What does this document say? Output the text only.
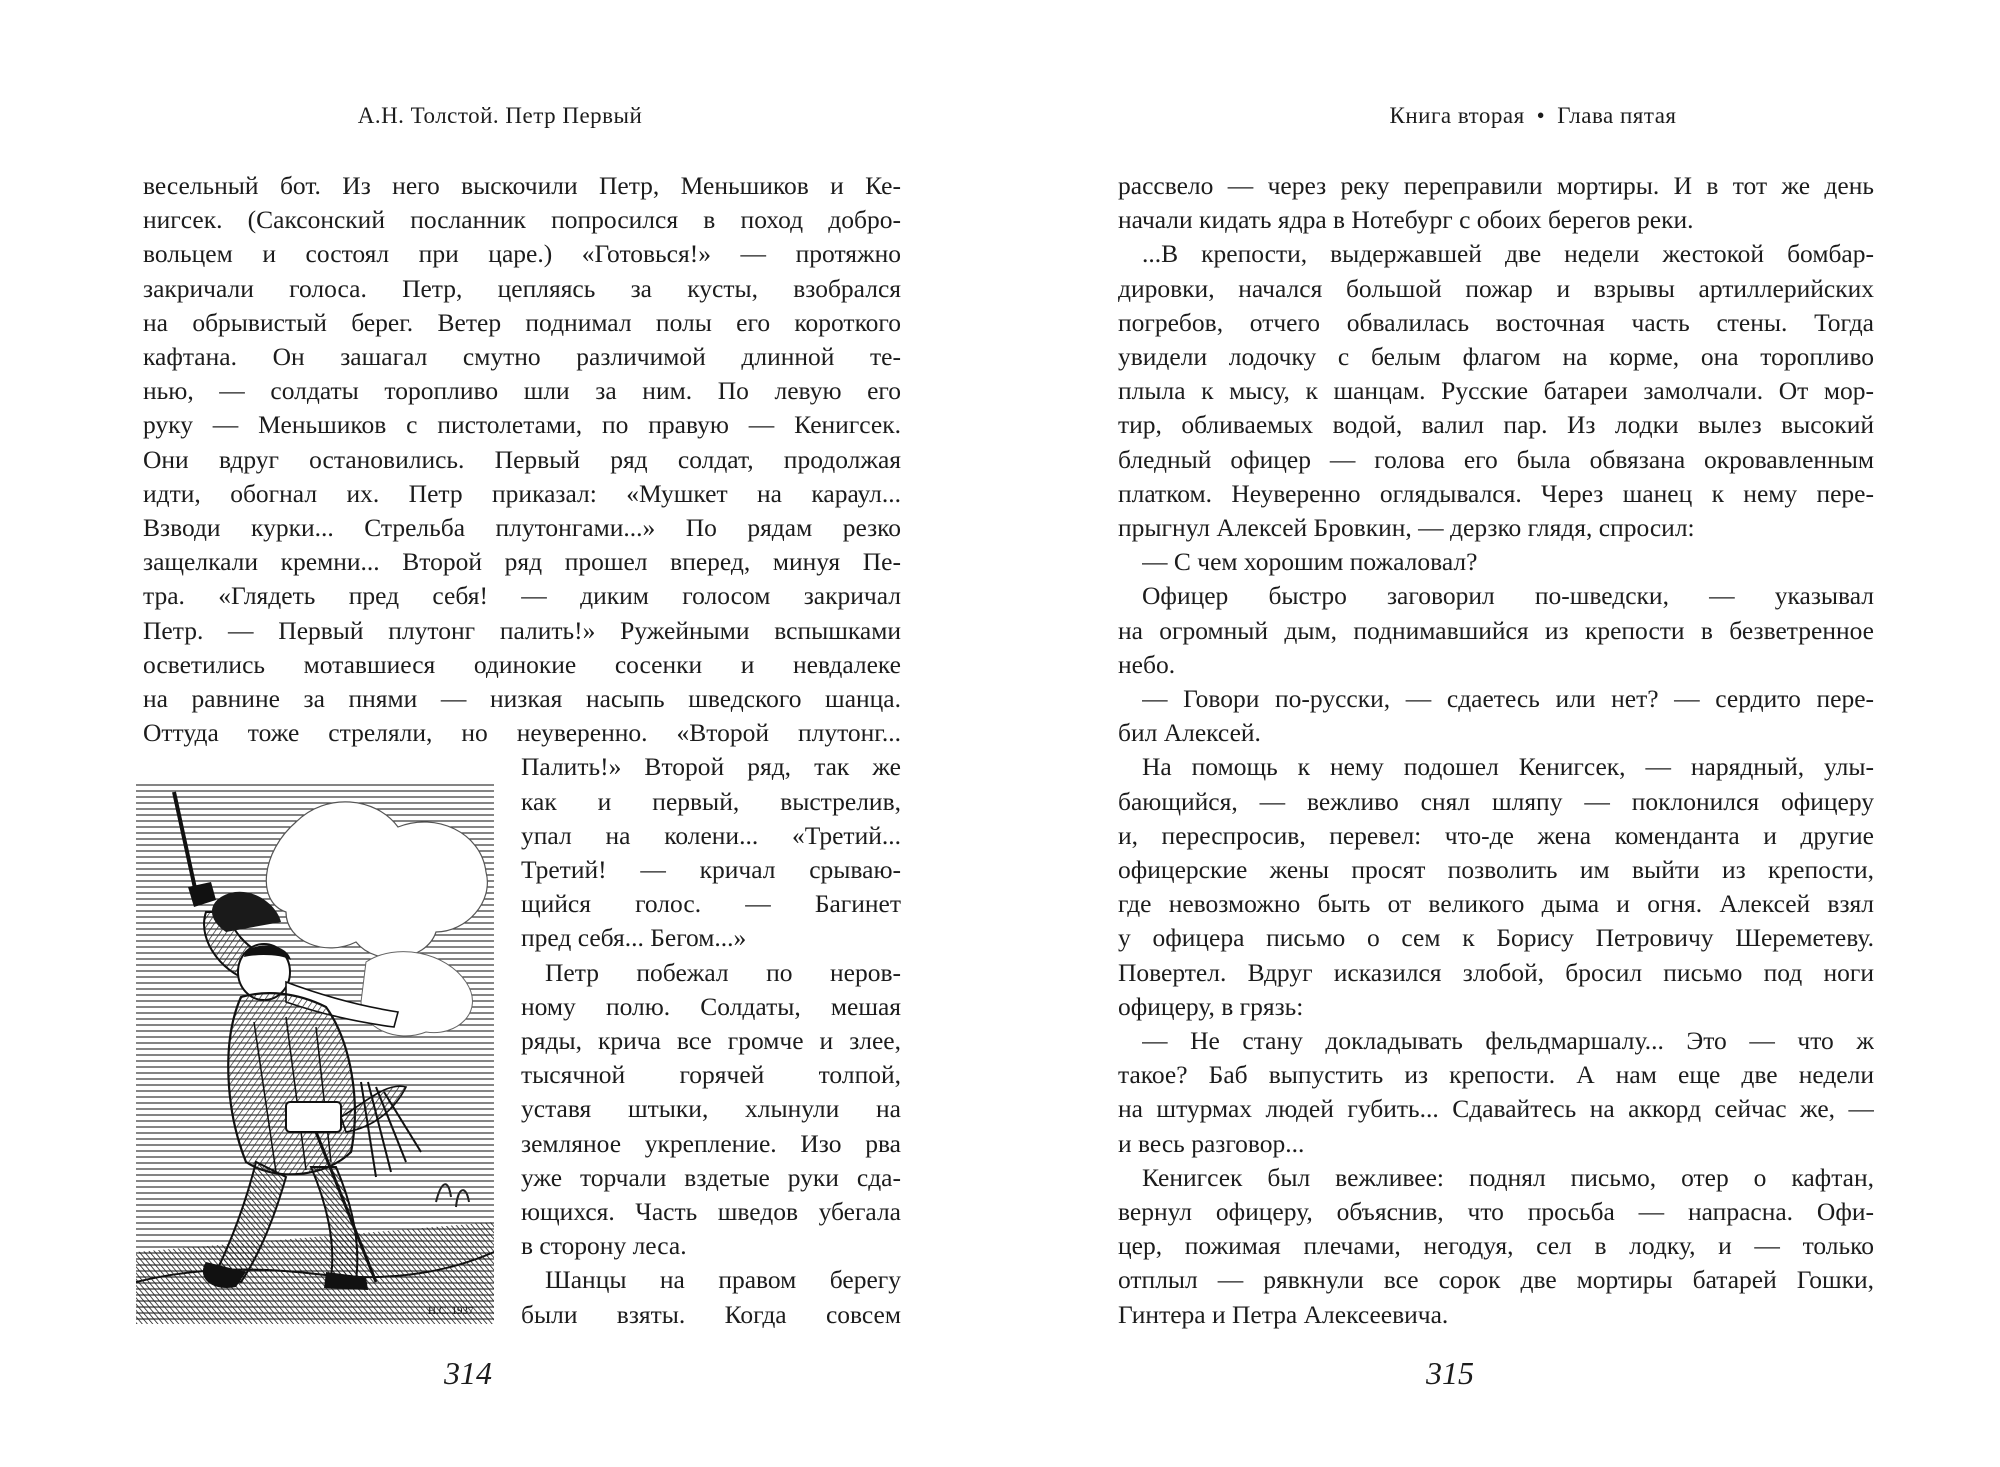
А.Н. Толстой. Петр Первый
весельный бот. Из него выскочили Петр, Меньшиков и Ке-
нигсек. (Саксонский посланник попросился в поход добро-
вольцем и состоял при царе.) «Готовься!» — протяжно
закричали голоса. Петр, цепляясь за кусты, взобрался
на обрывистый берег. Ветер поднимал полы его короткого
кафтана. Он зашагал смутно различимой длинной те-
нью, — солдаты торопливо шли за ним. По левую его
руку — Меньшиков с пистолетами, по правую — Кенигсек.
Они вдруг остановились. Первый ряд солдат, продолжая
идти, обогнал их. Петр приказал: «Мушкет на караул...
Взводи курки... Стрельба плутонгами...» По рядам резко
защелкали кремни... Второй ряд прошел вперед, минуя Пе-
тра. «Глядеть пред себя! — диким голосом закричал
Петр. — Первый плутонг палить!» Ружейными вспышками
осветились мотавшиеся одинокие сосенки и невдалеке
на равнине за пнями — низкая насыпь шведского шанца.
Оттуда тоже стреляли, но неуверенно. «Второй плутонг...
Палить!» Второй ряд, так же
как и первый, выстрелив,
упал на колени... «Третий...
Третий! — кричал срываю-
щийся голос. — Багинет
пред себя... Бегом...»
Петр побежал по неров-
ному полю. Солдаты, мешая
ряды, крича все громче и злее,
тысячной горячей толпой,
уставя штыки, хлынули на
земляное укрепление. Изо рва
уже торчали вздетые руки сда-
ющихся. Часть шведов убегала
в сторону леса.
Шанцы на правом берегу
были взяты. Когда совсем
Н.С. 1937
314
Книга вторая • Глава пятая
рассвело — через реку переправили мортиры. И в тот же день
начали кидать ядра в Нотебург с обоих берегов реки.
...В крепости, выдержавшей две недели жестокой бомбар-
дировки, начался большой пожар и взрывы артиллерийских
погребов, отчего обвалилась восточная часть стены. Тогда
увидели лодочку с белым флагом на корме, она торопливо
плыла к мысу, к шанцам. Русские батареи замолчали. От мор-
тир, обливаемых водой, валил пар. Из лодки вылез высокий
бледный офицер — голова его была обвязана окровавленным
платком. Неуверенно оглядывался. Через шанец к нему пере-
прыгнул Алексей Бровкин, — дерзко глядя, спросил:
— С чем хорошим пожаловал?
Офицер быстро заговорил по-шведски, — указывал
на огромный дым, поднимавшийся из крепости в безветренное
небо.
— Говори по-русски, — сдаетесь или нет? — сердито пере-
бил Алексей.
На помощь к нему подошел Кенигсек, — нарядный, улы-
бающийся, — вежливо снял шляпу — поклонился офицеру
и, переспросив, перевел: что-де жена коменданта и другие
офицерские жены просят позволить им выйти из крепости,
где невозможно быть от великого дыма и огня. Алексей взял
у офицера письмо о сем к Борису Петровичу Шереметеву.
Повертел. Вдруг исказился злобой, бросил письмо под ноги
офицеру, в грязь:
— Не стану докладывать фельдмаршалу... Это — что ж
такое? Баб выпустить из крепости. А нам еще две недели
на штурмах людей губить... Сдавайтесь на аккорд сейчас же, —
и весь разговор...
Кенигсек был вежливее: поднял письмо, отер о кафтан,
вернул офицеру, объяснив, что просьба — напрасна. Офи-
цер, пожимая плечами, негодуя, сел в лодку, и — только
отплыл — рявкнули все сорок две мортиры батарей Гошки,
Гинтера и Петра Алексеевича.
315
